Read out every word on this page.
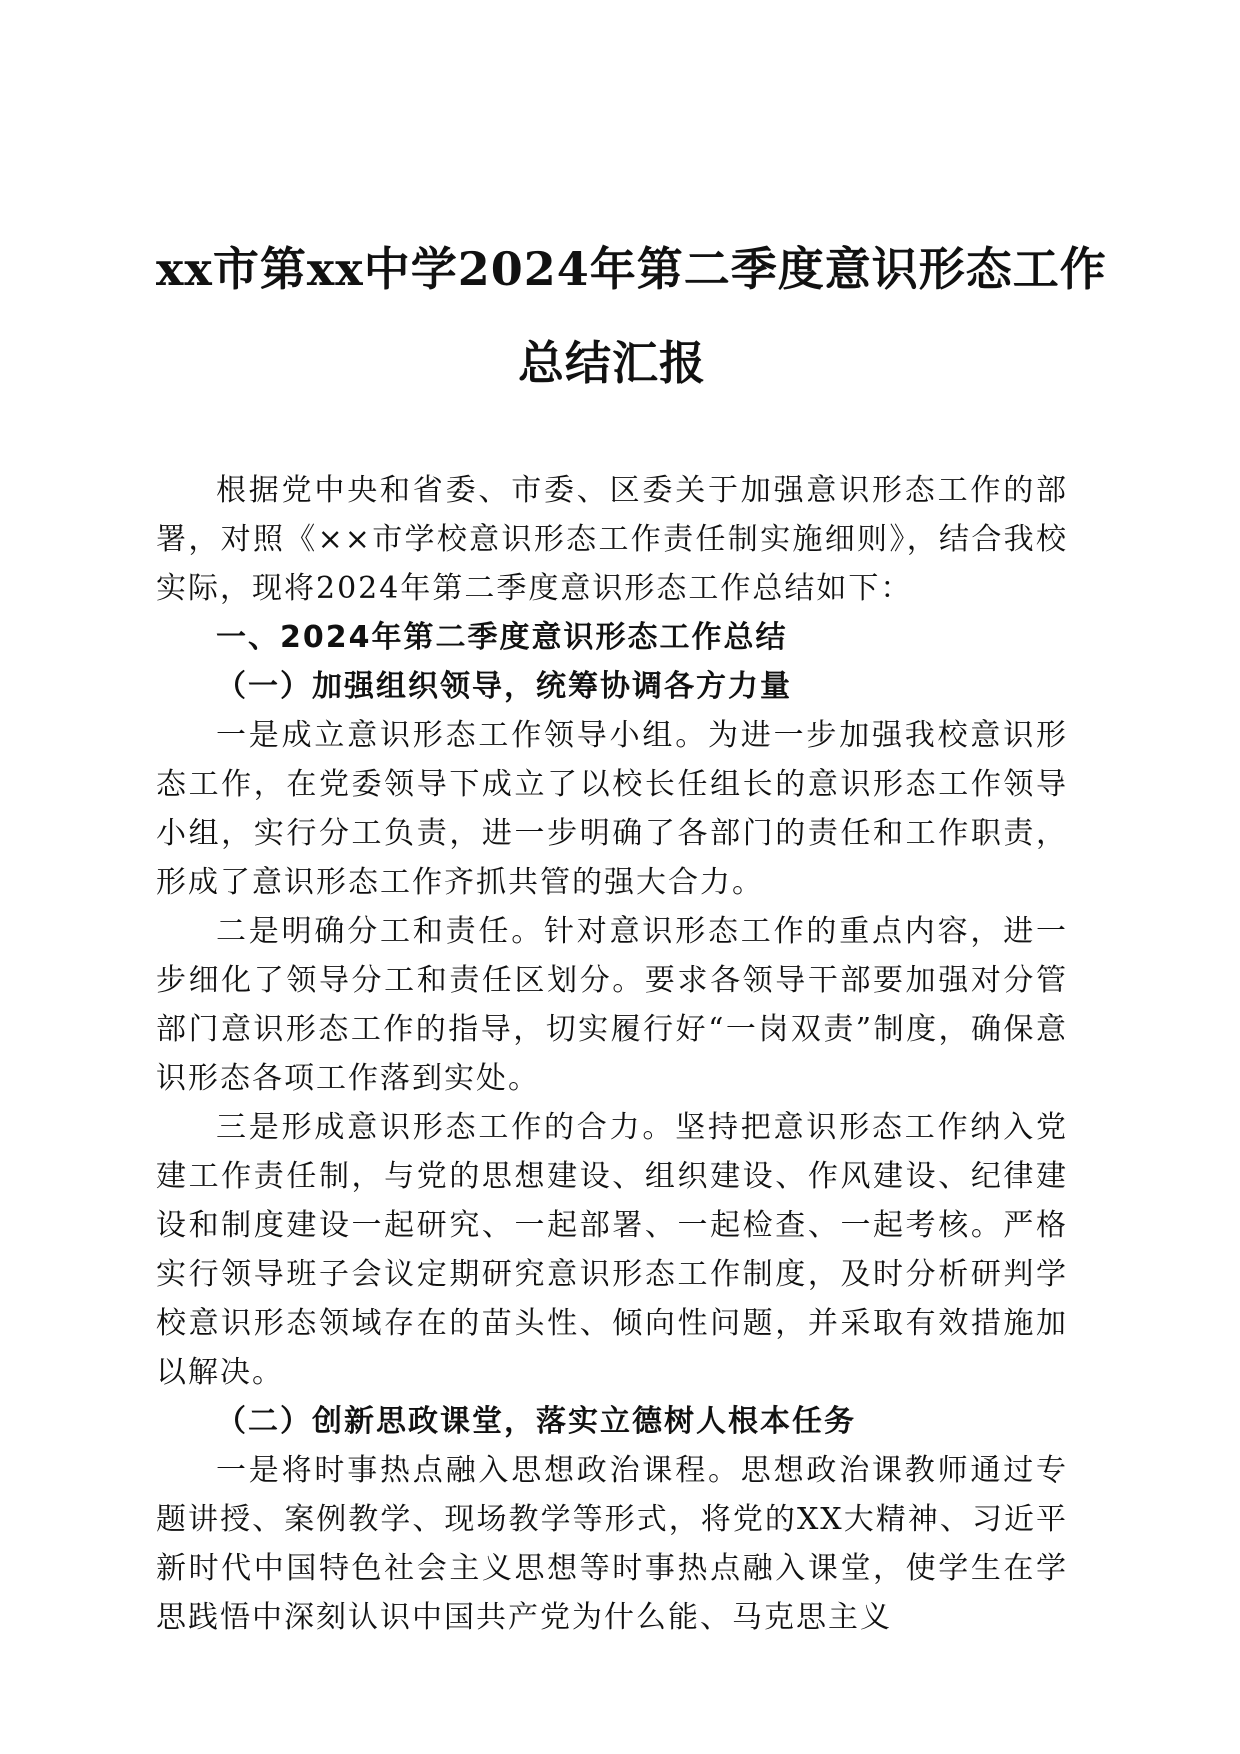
xx市第xx中学2024年第二季度意识形态工作
总结汇报

根据党中央和省委、市委、区委关于加强意识形态工作的部署，对照《××市学校意识形态工作责任制实施细则》，结合我校实际，现将2024年第二季度意识形态工作总结如下：

一、2024年第二季度意识形态工作总结

（一）加强组织领导，统筹协调各方力量

一是成立意识形态工作领导小组。为进一步加强我校意识形态工作，在党委领导下成立了以校长任组长的意识形态工作领导小组，实行分工负责，进一步明确了各部门的责任和工作职责，形成了意识形态工作齐抓共管的强大合力。

二是明确分工和责任。针对意识形态工作的重点内容，进一步细化了领导分工和责任区划分。要求各领导干部要加强对分管部门意识形态工作的指导，切实履行好“一岗双责”制度，确保意识形态各项工作落到实处。

三是形成意识形态工作的合力。坚持把意识形态工作纳入党建工作责任制，与党的思想建设、组织建设、作风建设、纪律建设和制度建设一起研究、一起部署、一起检查、一起考核。严格实行领导班子会议定期研究意识形态工作制度，及时分析研判学校意识形态领域存在的苗头性、倾向性问题，并采取有效措施加以解决。

（二）创新思政课堂，落实立德树人根本任务

一是将时事热点融入思想政治课程。思想政治课教师通过专题讲授、案例教学、现场教学等形式，将党的XX大精神、习近平新时代中国特色社会主义思想等时事热点融入课堂，使学生在学思践悟中深刻认识中国共产党为什么能、马克思主义
